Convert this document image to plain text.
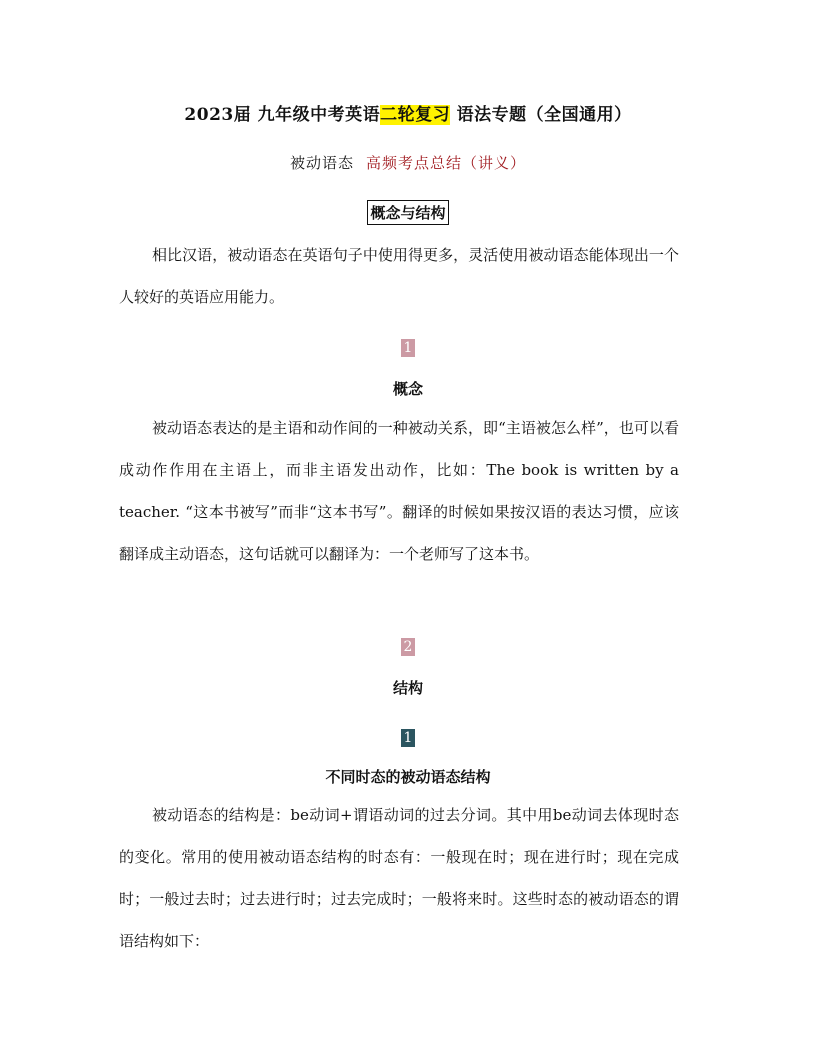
2023届 九年级中考英语二轮复习 语法专题（全国通用）
被动语态 高频考点总结（讲义）
概念与结构
相比汉语，被动语态在英语句子中使用得更多，灵活使用被动语态能体现出一个人较好的英语应用能力。
1
概念
被动语态表达的是主语和动作间的一种被动关系，即“主语被怎么样”，也可以看成动作作用在主语上，而非主语发出动作，比如：The book is written by a teacher. “这本书被写”而非“这本书写”。翻译的时候如果按汉语的表达习惯，应该翻译成主动语态，这句话就可以翻译为：一个老师写了这本书。
2
结构
1
不同时态的被动语态结构
被动语态的结构是：be动词+谓语动词的过去分词。其中用be动词去体现时态的变化。常用的使用被动语态结构的时态有：一般现在时；现在进行时；现在完成时；一般过去时；过去进行时；过去完成时；一般将来时。这些时态的被动语态的谓语结构如下：
